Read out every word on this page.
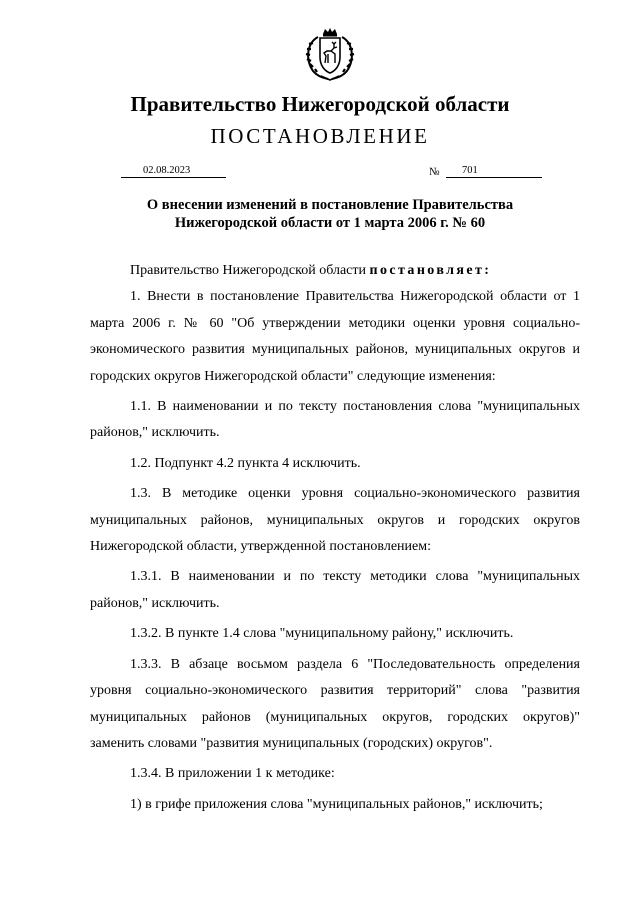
Правительство Нижегородской области
ПОСТАНОВЛЕНИЕ
02.08.2023	№	701
О внесении изменений в постановление Правительства
Нижегородской области от 1 марта 2006 г. № 60

Правительство Нижегородской области постановляет:

1. Внести в постановление Правительства Нижегородской области от 1 марта 2006 г. № 60 "Об утверждении методики оценки уровня социально-экономического развития муниципальных районов, муниципальных округов и городских округов Нижегородской области" следующие изменения:

1.1. В наименовании и по тексту постановления слова "муниципальных районов," исключить.

1.2. Подпункт 4.2 пункта 4 исключить.

1.3. В методике оценки уровня социально-экономического развития муниципальных районов, муниципальных округов и городских округов Нижегородской области, утвержденной постановлением:

1.3.1. В наименовании и по тексту методики слова "муниципальных районов," исключить.

1.3.2. В пункте 1.4 слова "муниципальному району," исключить.

1.3.3. В абзаце восьмом раздела 6 "Последовательность определения уровня социально-экономического развития территорий" слова "развития муниципальных районов (муниципальных округов, городских округов)" заменить словами "развития муниципальных (городских) округов".

1.3.4. В приложении 1 к методике:

1) в грифе приложения слова "муниципальных районов," исключить;
